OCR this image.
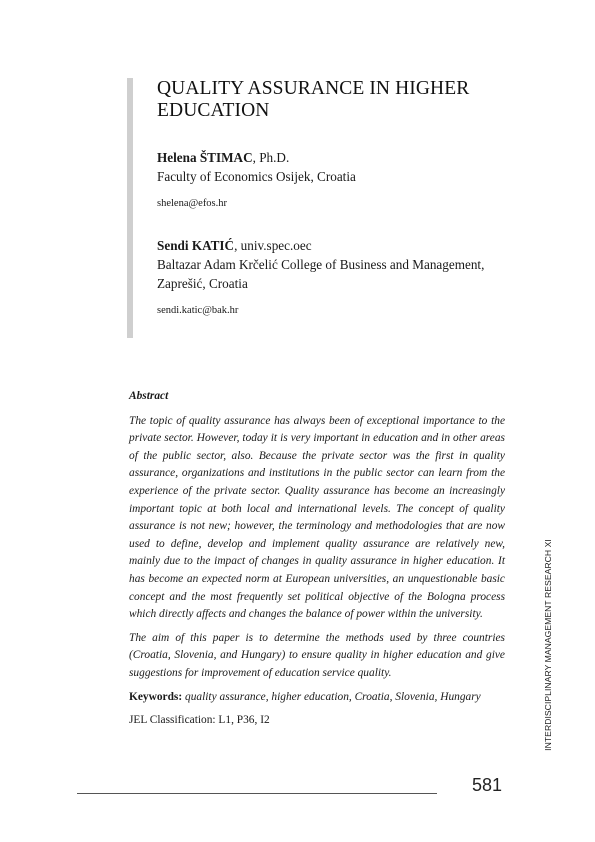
QUALITY ASSURANCE IN HIGHER EDUCATION
Helena ŠTIMAC, Ph.D.
Faculty of Economics Osijek, Croatia
shelena@efos.hr
Sendi KATIĆ, univ.spec.oec
Baltazar Adam Krčelić College of Business and Management,
Zaprešić, Croatia
sendi.katic@bak.hr

Abstract

The topic of quality assurance has always been of exceptional importance to the private sector. However, today it is very important in education and in other areas of the public sector, also. Because the private sector was the first in quality assurance, organizations and institutions in the public sector can learn from the experience of the private sector. Quality assurance has become an increasingly important topic at both local and international levels. The concept of quality assurance is not new; however, the terminology and methodologies that are now used to define, develop and implement quality assurance are relatively new, mainly due to the impact of changes in quality assurance in higher education. It has become an expected norm at European universities, an unquestionable basic concept and the most frequently set political objective of the Bologna process which directly affects and changes the balance of power within the university.

The aim of this paper is to determine the methods used by three countries (Croatia, Slovenia, and Hungary) to ensure quality in higher education and give suggestions for improvement of education service quality.

Keywords: quality assurance, higher education, Croatia, Slovenia, Hungary

JEL Classification: L1, P36, I2	INTERDISCIPLINARY MANAGEMENT RESEARCH XI
581
